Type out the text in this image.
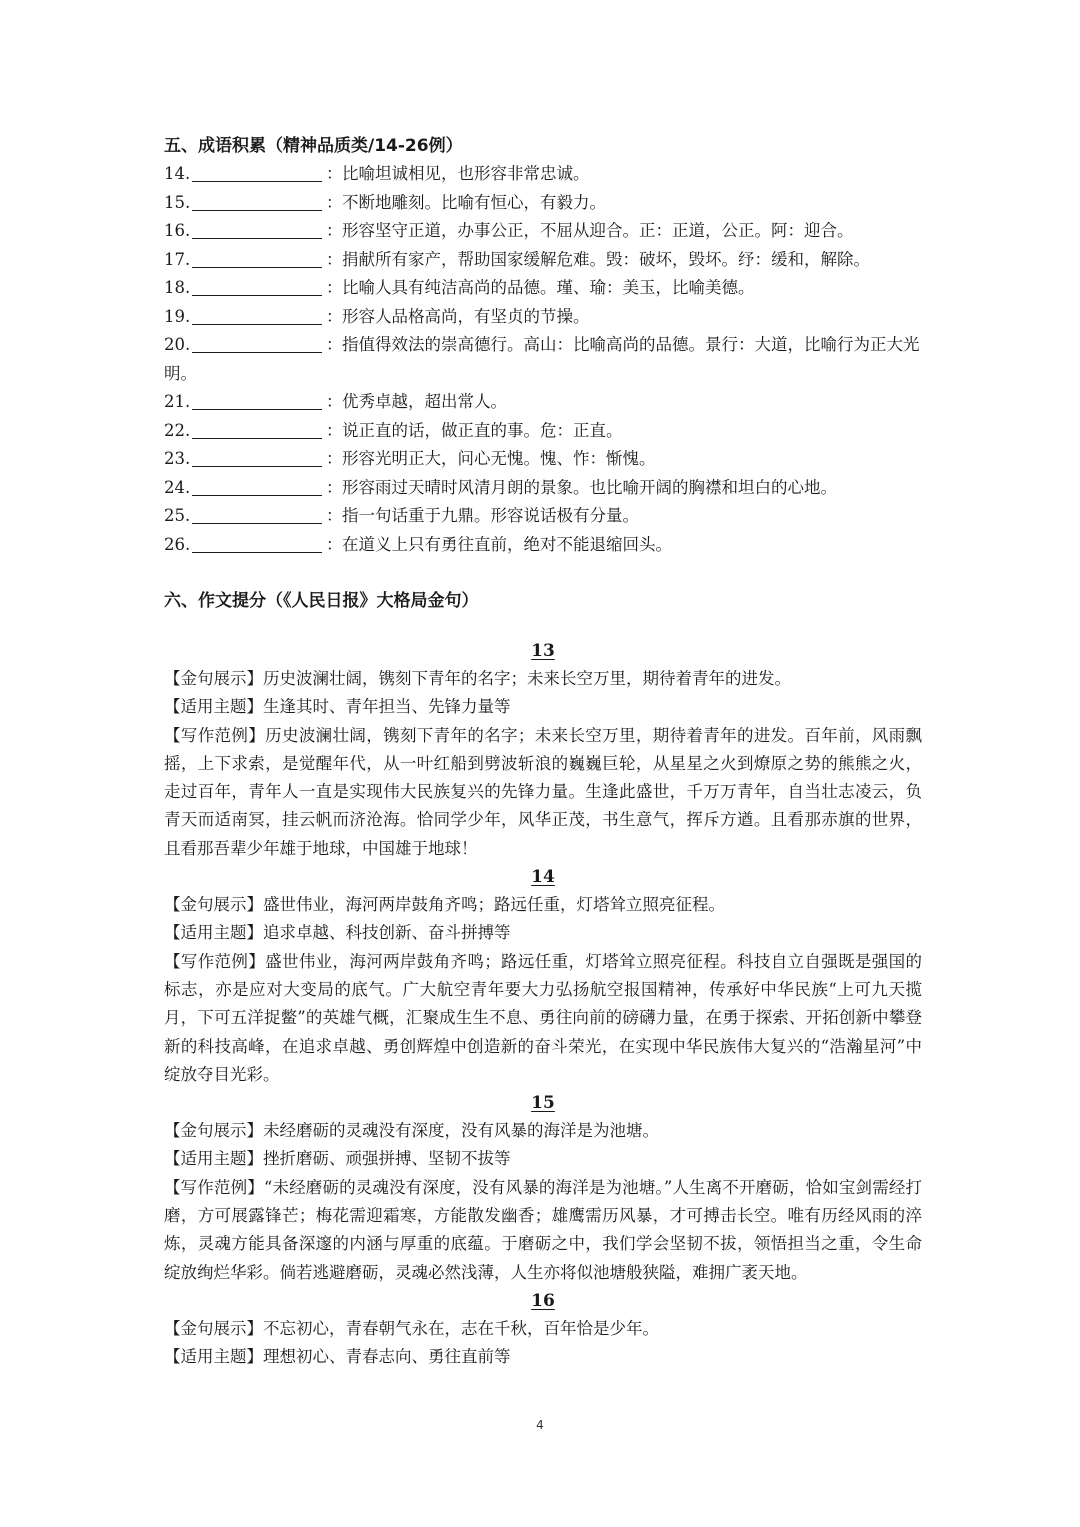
五、成语积累（精神品质类/14-26例）
14.	：比喻坦诚相见，也形容非常忠诚。
15.	：不断地雕刻。比喻有恒心，有毅力。
16.	：形容坚守正道，办事公正，不屈从迎合。正：正道，公正。阿：迎合。
17.	：捐献所有家产，帮助国家缓解危难。毁：破坏，毁坏。纾：缓和，解除。
18.	：比喻人具有纯洁高尚的品德。瑾、瑜：美玉，比喻美德。
19.	：形容人品格高尚，有坚贞的节操。
20.	：指值得效法的崇高德行。高山：比喻高尚的品德。景行：大道，比喻行为正大光明。
21.	：优秀卓越，超出常人。
22.	：说正直的话，做正直的事。危：正直。
23.	：形容光明正大，问心无愧。愧、怍：惭愧。
24.	：形容雨过天晴时风清月朗的景象。也比喻开阔的胸襟和坦白的心地。
25.	：指一句话重于九鼎。形容说话极有分量。
26.	：在道义上只有勇往直前，绝对不能退缩回头。
六、作文提分（《人民日报》大格局金句）
13
【金句展示】历史波澜壮阔，镌刻下青年的名字；未来长空万里，期待着青年的进发。
【适用主题】生逢其时、青年担当、先锋力量等
【写作范例】历史波澜壮阔，镌刻下青年的名字；未来长空万里，期待着青年的进发。百年前，风雨飘摇，上下求索，是觉醒年代，从一叶红船到劈波斩浪的巍巍巨轮，从星星之火到燎原之势的熊熊之火，走过百年，青年人一直是实现伟大民族复兴的先锋力量。生逢此盛世，千万万青年，自当壮志凌云，负青天而适南冥，挂云帆而济沧海。恰同学少年，风华正茂，书生意气，挥斥方遒。且看那赤旗的世界，且看那吾辈少年雄于地球，中国雄于地球！
14
【金句展示】盛世伟业，海河两岸鼓角齐鸣；路远任重，灯塔耸立照亮征程。
【适用主题】追求卓越、科技创新、奋斗拼搏等
【写作范例】盛世伟业，海河两岸鼓角齐鸣；路远任重，灯塔耸立照亮征程。科技自立自强既是强国的标志，亦是应对大变局的底气。广大航空青年要大力弘扬航空报国精神，传承好中华民族“上可九天揽月，下可五洋捉鳖”的英雄气概，汇聚成生生不息、勇往向前的磅礴力量，在勇于探索、开拓创新中攀登新的科技高峰，在追求卓越、勇创辉煌中创造新的奋斗荣光，在实现中华民族伟大复兴的“浩瀚星河”中绽放夺目光彩。
15
【金句展示】未经磨砺的灵魂没有深度，没有风暴的海洋是为池塘。
【适用主题】挫折磨砺、顽强拼搏、坚韧不拔等
【写作范例】“未经磨砺的灵魂没有深度，没有风暴的海洋是为池塘。”人生离不开磨砺，恰如宝剑需经打磨，方可展露锋芒；梅花需迎霜寒，方能散发幽香；雄鹰需历风暴，才可搏击长空。唯有历经风雨的淬炼，灵魂方能具备深邃的内涵与厚重的底蕴。于磨砺之中，我们学会坚韧不拔，领悟担当之重，令生命绽放绚烂华彩。倘若逃避磨砺，灵魂必然浅薄，人生亦将似池塘般狭隘，难拥广袤天地。
16
【金句展示】不忘初心，青春朝气永在，志在千秋，百年恰是少年。
【适用主题】理想初心、青春志向、勇往直前等
4
